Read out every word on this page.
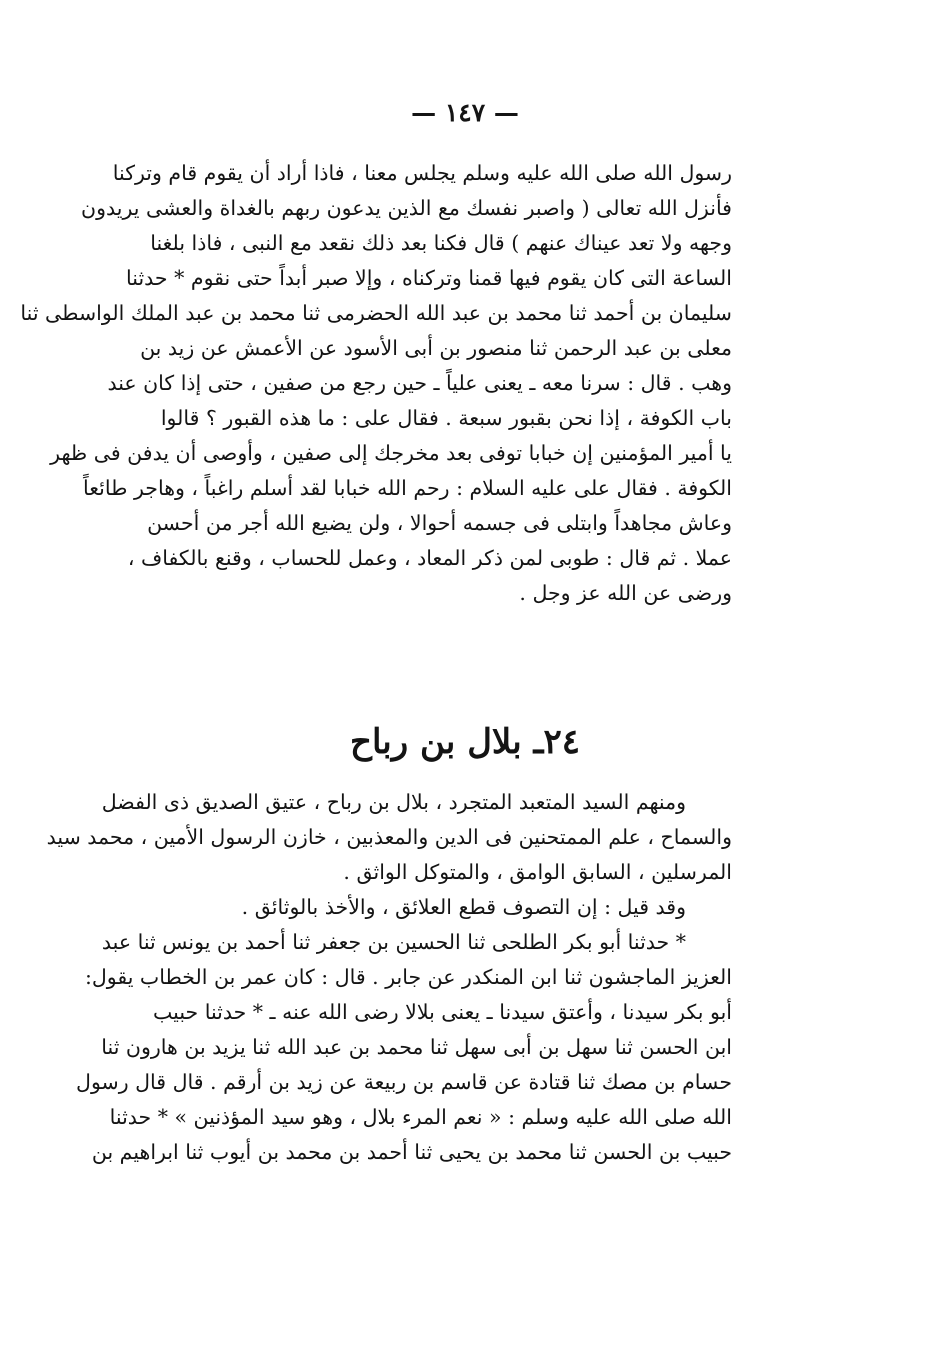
— ١٤٧ —
رسول الله صلى الله عليه وسلم يجلس معنا ، فاذا أراد أن يقوم قام وتركنا
فأنزل الله تعالى ( واصبر نفسك مع الذين يدعون ربهم بالغداة والعشى يريدون
وجهه ولا تعد عيناك عنهم ) قال فكنا بعد ذلك نقعد مع النبى ، فاذا بلغنا
الساعة التى كان يقوم فيها قمنا وتركناه ، وإلا صبر أبداً حتى نقوم * حدثنا
سليمان بن أحمد ثنا محمد بن عبد الله الحضرمى ثنا محمد بن عبد الملك الواسطى ثنا
معلى بن عبد الرحمن ثنا منصور بن أبى الأسود عن الأعمش عن زيد بن
وهب . قال : سرنا معه ـ يعنى علياً ـ حين رجع من صفين ، حتى إذا كان عند
باب الكوفة ، إذا نحن بقبور سبعة . فقال على : ما هذه القبور ؟ قالوا
يا أمير المؤمنين إن خبابا توفى بعد مخرجك إلى صفين ، وأوصى أن يدفن فى ظهر
الكوفة . فقال على عليه السلام : رحم الله خبابا لقد أسلم راغباً ، وهاجر طائعاً
وعاش مجاهداً وابتلى فى جسمه أحوالا ، ولن يضيع الله أجر من أحسن
عملا . ثم قال : طوبى لمن ذكر المعاد ، وعمل للحساب ، وقنع بالكفاف ،
ورضى عن الله عز وجل .
٢٤ـ بلال بن رباح
ومنهم السيد المتعبد المتجرد ، بلال بن رباح ، عتيق الصديق ذى الفضل
والسماح ، علم الممتحنين فى الدين والمعذبين ، خازن الرسول الأمين ، محمد سيد
المرسلين ، السابق الوامق ، والمتوكل الواثق .
وقد قيل : إن التصوف قطع العلائق ، والأخذ بالوثائق .
* حدثنا أبو بكر الطلحى ثنا الحسين بن جعفر ثنا أحمد بن يونس ثنا عبد
العزيز الماجشون ثنا ابن المنكدر عن جابر . قال : كان عمر بن الخطاب يقول:
أبو بكر سيدنا ، وأعتق سيدنا ـ يعنى بلالا رضى الله عنه ـ * حدثنا حبيب
ابن الحسن ثنا سهل بن أبى سهل ثنا محمد بن عبد الله ثنا يزيد بن هارون ثنا
حسام بن مصك ثنا قتادة عن قاسم بن ربيعة عن زيد بن أرقم . قال قال رسول
الله صلى الله عليه وسلم : « نعم المرء بلال ، وهو سيد المؤذنين » * حدثنا
حبيب بن الحسن ثنا محمد بن يحيى ثنا أحمد بن محمد بن أيوب ثنا ابراهيم بن
